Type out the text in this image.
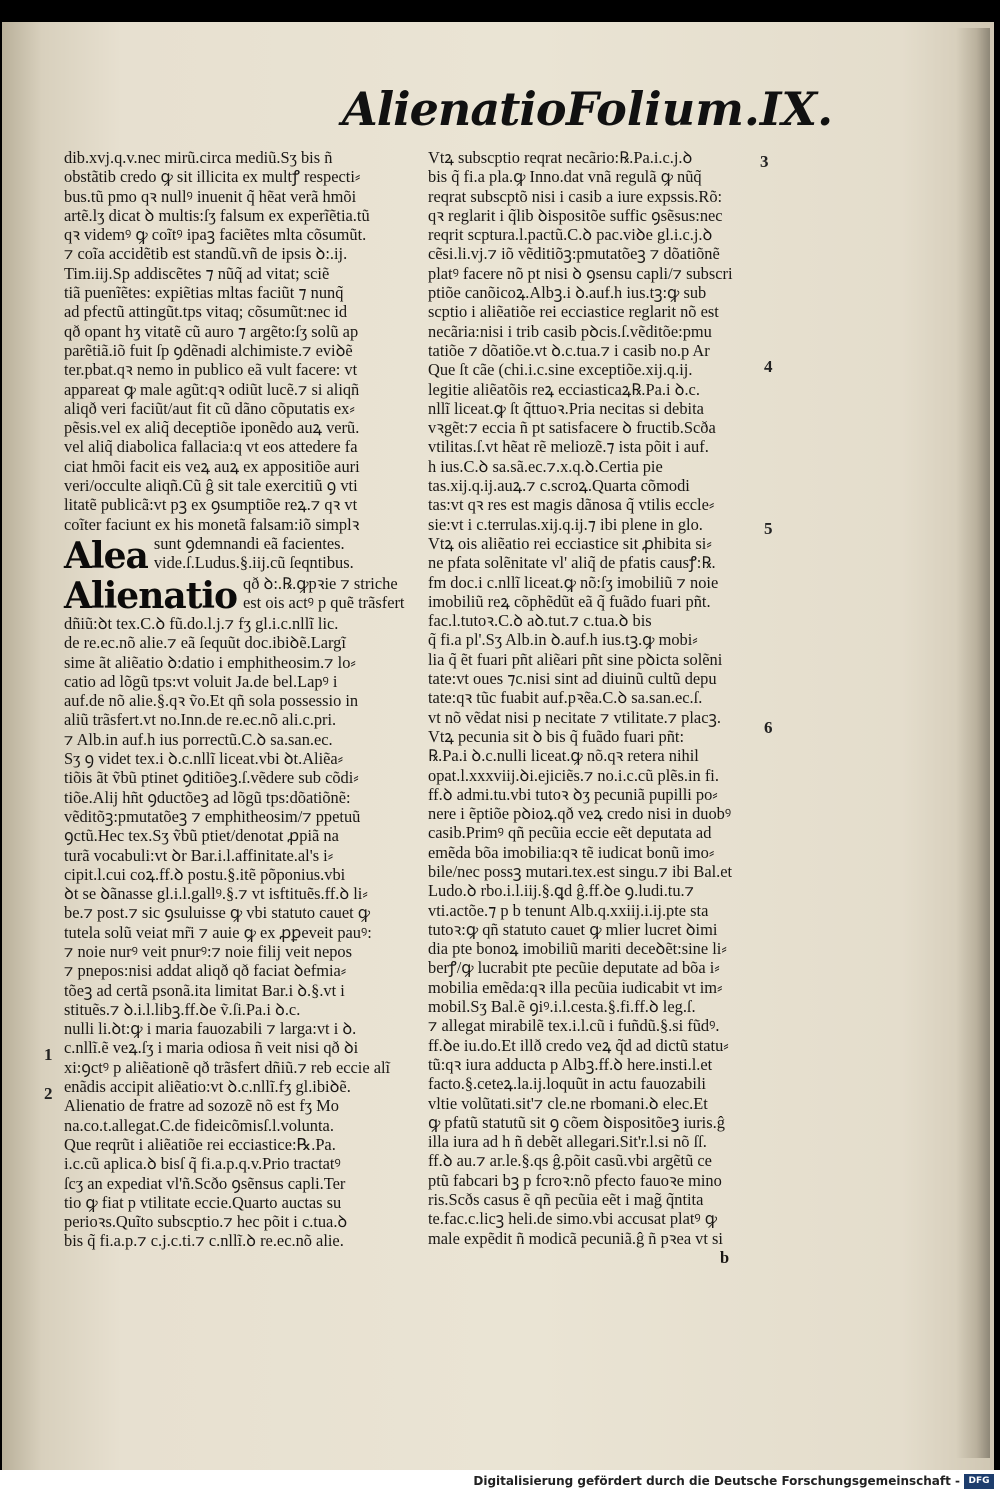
Alienatio Folium.IX.
dib.xvj.q.v.nec mirũ.circa mediũ.Sʒ bis ñ
obstãtib credo ꝙ sit illicita ex multꝭ respecti⸗
bus.tũ pmo qꝛ nullꝰ inuenit q̃ hẽat verã hmõi
artẽ.lʒ dicat ꝺ multis:ſʒ falsum ex experĩẽtia.tũ
qꝛ videmꝰ ꝙ coĩtꝰ ipaꝫ faciẽtes mlta cõsumũt.
⁊ coĩa accidẽtib est standũ.vñ de ipsis ꝺ:.ij.
Tim.iij.Sp addiscẽtes ⁊ nũq̃ ad vitat; sciẽ
tiã puenĩẽtes: expiẽtias mltas faciũt ⁊ nunq̃
ad pfectũ attingũt.tps vitaq; cõsumũt:nec id
qð opant hʒ vitatẽ cũ auro ⁊ argẽto:ſʒ solũ ap
parẽtiã.iõ fuit ſp ꝯdẽnadi alchimiste.⁊ eviꝺẽ
ter.pbat.qꝛ nemo in publico eã vult facere: vt
appareat ꝙ male agũt:qꝛ odiũt lucẽ.⁊ si aliqñ
aliqð veri faciũt/aut fit cũ dãno cõputatis ex⸗
pẽsis.vel ex aliq̃ deceptiõe iponẽdo auꝝ verũ.
vel aliq̃ diabolica fallacia:q vt eos attedere fa
ciat hmõi facit eis veꝝ auꝝ ex appositiõe auri
veri/occulte aliqñ.Cũ ĝ sit tale exercitiũ ꝯ vti
litatẽ publicã:vt pꝫ ex ꝯsumptiõe reꝝ.⁊ qꝛ vt
coĩter faciunt ex his monetã falsam:iõ simplꝛ
Alea sunt ꝯdemnandi eã facientes.
vide.ſ.Ludus.§.iij.cũ ſeqntibus.
Alienatio qð ꝺ:.℞.ꝙpꝛie ⁊ striche
est ois actꝰ p quẽ trãsfert
dñiũ:ꝺt tex.C.ꝺ fũ.do.l.j.⁊ fʒ gl.i.c.nllĩ lic.
de re.ec.nõ alie.⁊ eã ſequũt doc.ibiꝺẽ.Largĩ
sime ãt aliẽatio ꝺ:datio i emphitheosim.⁊ lo⸗
catio ad lõgũ tps:vt voluit Ja.de bel.Lapꝰ i
auf.de nõ alie.§.qꝛ ṽo.Et qñ sola possessio in
aliũ trãsfert.vt no.Inn.de re.ec.nõ ali.c.pri.
⁊ Alb.in auf.h ius porrectũ.C.ꝺ sa.san.ec.
Sʒ ꝯ videt tex.i ꝺ.c.nllĩ liceat.vbi ꝺt.Aliẽa⸗
tiõis ãt ṽbũ ptinet ꝯditiõeꝫ.ſ.vẽdere sub cõdi⸗
tiõe.Alij hñt ꝯductõeꝫ ad lõgũ tps:dõatiõnẽ:
vẽditõꝫ:pmutatõeꝫ ⁊ emphitheosim/⁊ ppetuũ
ꝯctũ.Hec tex.Sʒ ṽbũ ptiet/denotat ꝓpiã na
turã vocabuli:vt ꝺr Bar.i.l.affinitate.al's i⸗
cipit.l.cui coꝝ.ff.ꝺ postu.§.itẽ põponius.vbi
ꝺt se ꝺãnasse gl.i.l.gallꝰ.§.⁊ vt isftituẽs.ff.ꝺ li⸗
be.⁊ post.⁊ sic ꝯsuluisse ꝙ vbi statuto cauet ꝙ
tutela solũ veiat mr̃i ⁊ auie ꝙ ex ꝓꝑeveit pauꝰ:
⁊ noie nurꝰ veit pnurꝰ:⁊ noie filij veit nepos
⁊ pnepos:nisi addat aliqð qð faciat ꝺefmia⸗
tõeꝫ ad certã psonã.ita limitat Bar.i ꝺ.§.vt i
stituẽs.⁊ ꝺ.i.l.libꝫ.ff.ꝺe ṽ.ſi.Pa.i ꝺ.c.
nulli li.ꝺt:ꝙ i maria fauozabili ⁊ larga:vt i ꝺ.
c.nllĩ.ẽ veꝝ.ſʒ i maria odiosa ñ veit nisi qð ꝺi
xi:ꝯctꝰ p aliẽationẽ qð trãsfert dñiũ.⁊ reb eccie alĩ
enãdis accipit aliẽatio:vt ꝺ.c.nllĩ.fʒ gl.ibiꝺẽ.
Alienatio de fratre ad sozozẽ nõ est fʒ Mo
na.co.t.allegat.C.de fideicõmisſ.l.volunta.
Que reqrũt i aliẽatiõe rei ecciastice:℞.Pa.
i.c.cũ aplica.ꝺ bisſ q̃ fi.a.p.q.v.Prio tractatꝰ
ſcʒ an expediat vl'ñ.Scðo ꝯsẽnsus capli.Ter
tio ꝙ fiat p vtilitate eccie.Quarto auctas su
perioꝛs.Quĩto subscptio.⁊ hec põit i c.tua.ꝺ
bis q̃ fi.a.p.⁊ c.j.c.ti.⁊ c.nllĩ.ꝺ re.ec.nõ alie.
Vtꝝ subscptio reqrat necãrio:℞.Pa.i.c.j.ꝺ
bis q̃ fi.a pla.ꝙ Inno.dat vnã regulã ꝙ nũq̃
reqrat subscptõ nisi i casib a iure expssis.Rõ:
qꝛ reglarit i q̃lib ꝺispositõe suffic ꝯsẽsus:nec
reqrit scptura.l.pactũ.C.ꝺ pac.viꝺe gl.i.c.j.ꝺ
cẽsi.li.vj.⁊ iõ vẽditiõꝫ:pmutatõeꝫ ⁊ dõatiõnẽ
platꝰ facere nõ pt nisi ꝺ ꝯsensu capli/⁊ subscri
ptiõe canõicoꝝ.Albꝫ.i ꝺ.auf.h ius.tꝫ:ꝙ sub
scptio i aliẽatiõe rei ecciastice reglarit nõ est
necãria:nisi i trib casib pꝺcis.ſ.vẽditõe:pmu
tatiõe ⁊ dõatiõe.vt ꝺ.c.tua.⁊ i casib no.p Ar
Que ſt cãe (chi.i.c.sine exceptiõe.xij.q.ij.
legitie aliẽatõis reꝝ ecciasticaꝝ℞.Pa.i ꝺ.c.
nllĩ liceat.ꝙ ſt q̃ttuoꝛ.Pria necitas si debita
vꝛgẽt:⁊ eccia ñ pt satisfacere ꝺ fructib.Scða
vtilitas.ſ.vt hẽat rẽ meliozẽ.⁊ ista põit i auf.
h ius.C.ꝺ sa.sã.ec.⁊.x.q.ꝺ.Certia pie
tas.xij.q.ij.auꝝ.⁊ c.scroꝝ.Quarta cõmodi
tas:vt qꝛ res est magis dãnosa q̃ vtilis eccle⸗
sie:vt i c.terrulas.xij.q.ij.⁊ ibi plene in glo.
Vtꝝ ois aliẽatio rei ecciastice sit ꝓhibita si⸗
ne pfata solẽnitate vl' aliq̃ de pfatis causꝭ:℞.
fm doc.i c.nllĩ liceat.ꝙ nõ:ſʒ imobiliũ ⁊ noie
imobiliũ reꝝ cõphẽdũt eã q̃ fuãdo fuari pñt.
fac.l.tutoꝛ.C.ꝺ aꝺ.tut.⁊ c.tua.ꝺ bis
q̃ fi.a pl'.Sʒ Alb.in ꝺ.auf.h ius.tꝫ.ꝙ mobi⸗
lia q̃ ẽt fuari pñt aliẽari pñt sine pꝺicta solẽni
tate:vt oues ⁊c.nisi sint ad diuinũ cultũ depu
tate:qꝛ tũc fuabit auf.pꝛẽa.C.ꝺ sa.san.ec.ſ.
vt nõ vẽdat nisi p necitate ⁊ vtilitate.⁊ placꝫ.
Vtꝝ pecunia sit ꝺ bis q̃ fuãdo fuari pñt:
℞.Pa.i ꝺ.c.nulli liceat.ꝙ nõ.qꝛ retera nihil
opat.l.xxxviij.ꝺi.ejiciẽs.⁊ no.i.c.cũ plẽs.in fi.
ff.ꝺ admi.tu.vbi tutoꝛ ꝺʒ pecuniã pupilli po⸗
nere i ẽptiõe pꝺioꝝ.qð veꝝ credo nisi in duobꝰ
casib.Primꝰ qñ pecũia eccie eẽt deputata ad
emẽda bõa imobilia:qꝛ tẽ iudicat bonũ imo⸗
bile/nec possꝫ mutari.tex.est singu.⁊ ibi Bal.et
Ludo.ꝺ rbo.i.l.iij.§.ꝗd ĝ.ff.ꝺe ꝯ.ludi.tu.⁊
vti.actõe.⁊ p b tenunt Alb.q.xxiij.i.ij.pte sta
tutoꝛ:ꝙ qñ statuto cauet ꝙ mlier lucret ꝺimi
dia pte bonoꝝ imobiliũ mariti deceꝺẽt:sine li⸗
berꝭ/ꝙ lucrabit pte pecũie deputate ad bõa i⸗
mobilia emẽda:qꝛ illa pecũia iudicabit vt im⸗
mobil.Sʒ Bal.ẽ ꝯiꝰ.i.l.cesta.§.fi.ff.ꝺ leg.ſ.
⁊ allegat mirabilẽ tex.i.l.cũ i fuñdũ.§.si fũdꝰ.
ff.ꝺe iu.do.Et illð credo veꝝ q̃d ad dictũ statu⸗
tũ:qꝛ iura adducta p Albꝫ.ff.ꝺ here.insti.l.et
facto.§.ceteꝝ.la.ij.loquũt in actu fauozabili
vltie volũtati.sit'⁊ cle.ne rbomani.ꝺ elec.Et
ꝙ pfatũ statutũ sit ꝯ cõem ꝺispositõeꝫ iuris.ĝ
illa iura ad h ñ debẽt allegari.Sit'r.l.si nõ ſſ.
ff.ꝺ au.⁊ ar.le.§.qs ĝ.põit casũ.vbi argẽtũ ce
ptũ fabcari bꝫ p fcroꝛ:nõ pfecto fauoꝛe mino
ris.Scðs casus ẽ qñ pecũia eẽt i mag̃ q̃ntita
te.fac.c.licꝫ heli.de simo.vbi accusat platꝰ ꝙ
male expẽdit ñ modicã pecuniã.ĝ ñ pꝛea vt si
b
3
4
5
6
1
2
Digitalisierung gefördert durch die Deutsche Forschungsgemeinschaft - DFG
